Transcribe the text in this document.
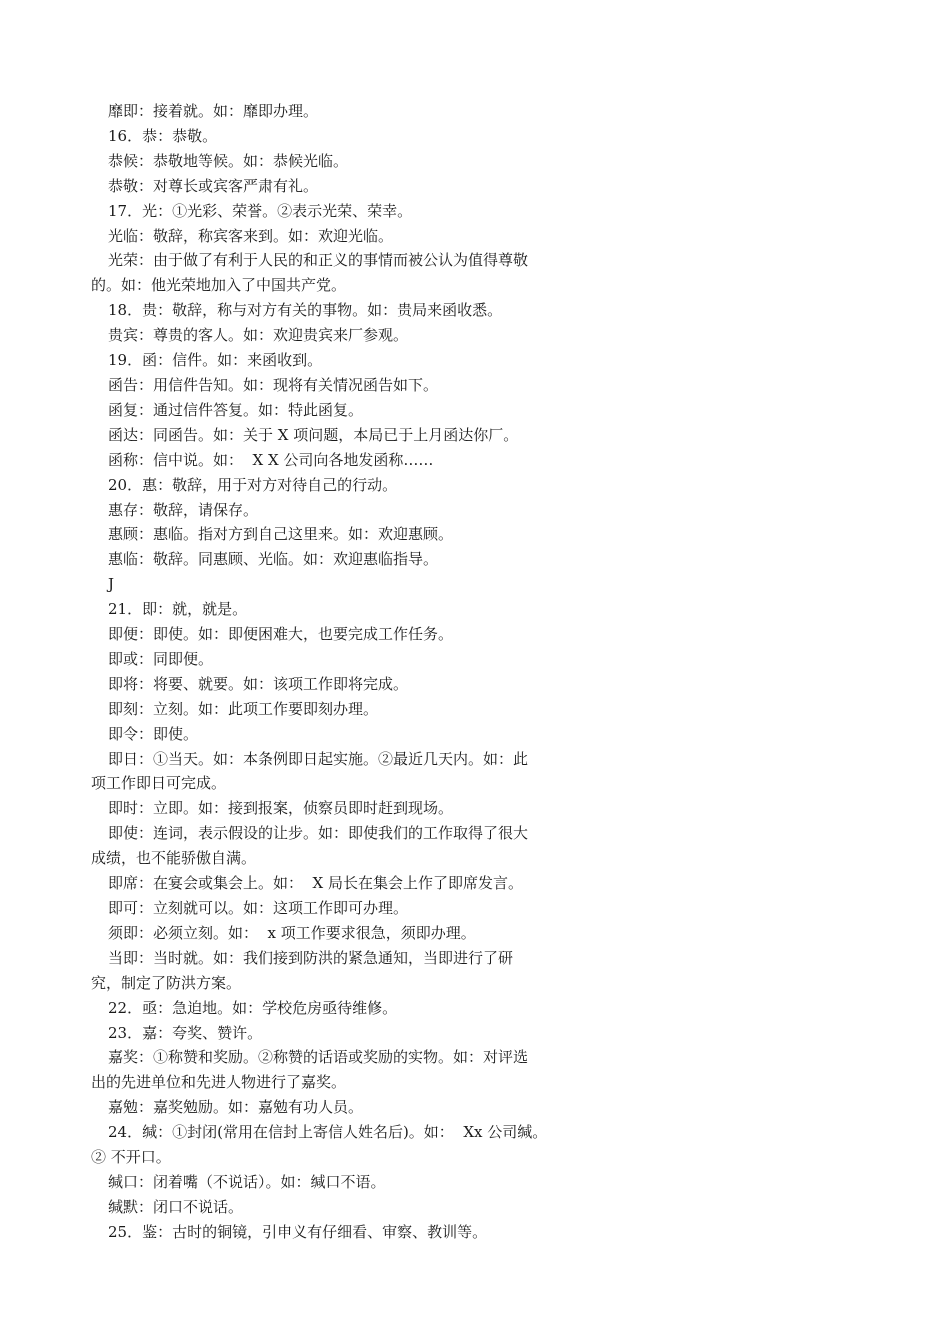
靡即：接着就。如：靡即办理。
16．恭：恭敬。
恭候：恭敬地等候。如：恭候光临。
恭敬：对尊长或宾客严肃有礼。
17．光：①光彩、荣誉。②表示光荣、荣幸。
光临：敬辞，称宾客来到。如：欢迎光临。
光荣：由于做了有利于人民的和正义的事情而被公认为值得尊敬
的。如：他光荣地加入了中国共产党。
18．贵：敬辞，称与对方有关的事物。如：贵局来函收悉。
贵宾：尊贵的客人。如：欢迎贵宾来厂参观。
19．函：信件。如：来函收到。
函告：用信件告知。如：现将有关情况函告如下。
函复：通过信件答复。如：特此函复。
函达：同函告。如：关于 X 项问题，本局已于上月函达你厂。
函称：信中说。如：  X X 公司向各地发函称……
20．惠：敬辞，用于对方对待自己的行动。
惠存：敬辞，请保存。
惠顾：惠临。指对方到自己这里来。如：欢迎惠顾。
惠临：敬辞。同惠顾、光临。如：欢迎惠临指导。
J
21．即：就，就是。
即便：即使。如：即便困难大，也要完成工作任务。
即或：同即便。
即将：将要、就要。如：该项工作即将完成。
即刻：立刻。如：此项工作要即刻办理。
即令：即使。
即日：①当天。如：本条例即日起实施。②最近几天内。如：此
项工作即日可完成。
即时：立即。如：接到报案，侦察员即时赶到现场。
即使：连词，表示假设的让步。如：即使我们的工作取得了很大
成绩，也不能骄傲自满。
即席：在宴会或集会上。如：  X 局长在集会上作了即席发言。
即可：立刻就可以。如：这项工作即可办理。
须即：必须立刻。如：  x 项工作要求很急，须即办理。
当即：当时就。如：我们接到防洪的紧急通知，当即进行了研
究，制定了防洪方案。
22．亟：急迫地。如：学校危房亟待维修。
23．嘉：夸奖、赞许。
嘉奖：①称赞和奖励。②称赞的话语或奖励的实物。如：对评选
出的先进单位和先进人物进行了嘉奖。
嘉勉：嘉奖勉励。如：嘉勉有功人员。
24．缄：①封闭(常用在信封上寄信人姓名后)。如：  Xx 公司缄。
② 不开口。
缄口：闭着嘴（不说话）。如：缄口不语。
缄默：闭口不说话。
25．鉴：古时的铜镜，引申义有仔细看、审察、教训等。
